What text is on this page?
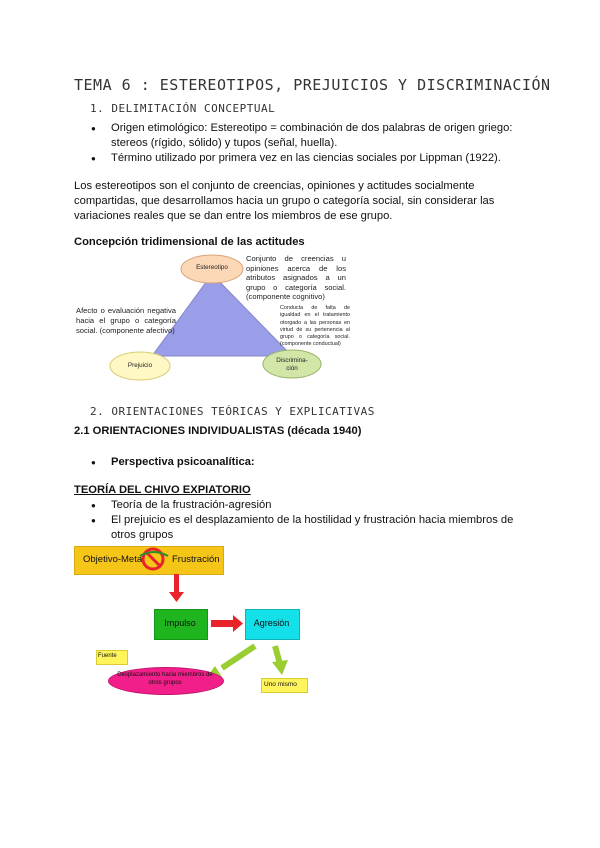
TEMA 6 : ESTEREOTIPOS, PREJUICIOS Y DISCRIMINACIÓN
1. DELIMITACIÓN CONCEPTUAL
● Origen etimológico: Estereotipo = combinación de dos palabras de origen griego: stereos (rígido, sólido) y tupos (señal, huella).
● Término utilizado por primera vez en las ciencias sociales por Lippman (1922).
Los estereotipos son el conjunto de creencias, opiniones y actitudes socialmente compartidas, que desarrollamos hacia un grupo o categoría social, sin considerar las variaciones reales que se dan entre los miembros de ese grupo.
Concepción tridimensional de las actitudes
Estereotipo
Prejuicio
Discrimina-ción
Conjunto de creencias u opiniones acerca de los atributos asignados a un grupo o categoría social. (componente cognitivo)
Afecto o evaluación negativa hacia el grupo o categoría social. (componente afectivo)
Conducta de falta de igualdad en el tratamiento otorgado a las personas en virtud de su pertenencia al grupo o categoría social. (componente conductual)
2. ORIENTACIONES TEÓRICAS Y EXPLICATIVAS
2.1 ORIENTACIONES INDIVIDUALISTAS (década 1940)
● Perspectiva psicoanalítica:
TEORÍA DEL CHIVO EXPIATORIO
● Teoría de la frustración-agresión
● El prejuicio es el desplazamiento de la hostilidad y frustración hacia miembros de otros grupos
Objetivo-Meta	Frustración
Impulso	Agresión
Fuente
Desplazamiento hacia miembros de otros grupos	Uno mismo
